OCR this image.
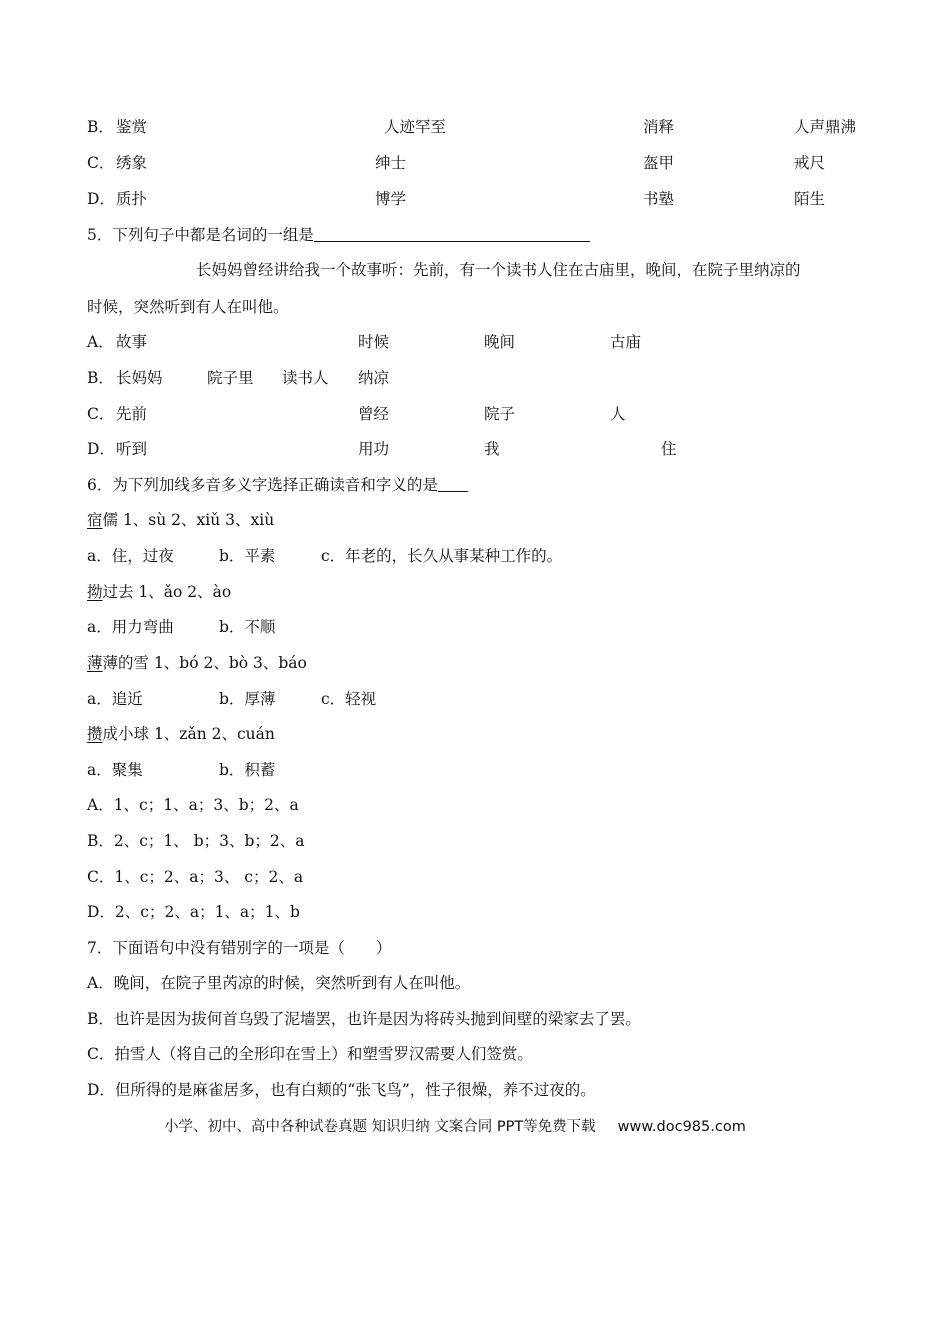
B． 鉴赏	人迹罕至	消释	人声鼎沸
C． 绣象	绅士	盔甲	戒尺
D． 质扑	博学	书塾	陌生
5．下列句子中都是名词的一组是
长妈妈曾经讲给我一个故事听：先前，有一个读书人住在古庙里，晚间，在院子里纳凉的
时候，突然听到有人在叫他。
A． 故事	时候	晚间	古庙
B． 长妈妈	院子里 读书人 纳凉
C． 先前	曾经	院子	人
D． 听到	用功	我	住
6．为下列加线多音多义字选择正确读音和字义的是
宿儒 1、sù 2、xiǔ 3、xiù
a．住，过夜	b．平素	c．年老的，长久从事某种工作的。
拗过去 1、ǎo 2、ào
a．用力弯曲	b．不顺
薄薄的雪 1、bó 2、bò 3、báo
a．追近	b．厚薄	c．轻视
攒成小球 1、zǎn 2、cuán
a．聚集	b．积蓄
A．1、c；1、a；3、b；2、a
B．2、c；1、 b；3、b；2、a
C．1、c；2、a；3、 c；2、a
D．2、c；2、a；1、a；1、b
7．下面语句中没有错别字的一项是（　　）
A．晚间，在院子里芮凉的时候，突然听到有人在叫他。
B．也许是因为拔何首乌毁了泥墙罢，也许是因为将砖头抛到间壁的梁家去了罢。
C．拍雪人（将自己的全形印在雪上）和塑雪罗汉需要人们签赏。
D．但所得的是麻雀居多，也有白颊的“张飞鸟”，性子很燥，养不过夜的。
小学、初中、高中各种试卷真题 知识归纳 文案合同 PPT等免费下载 www.doc985.com
